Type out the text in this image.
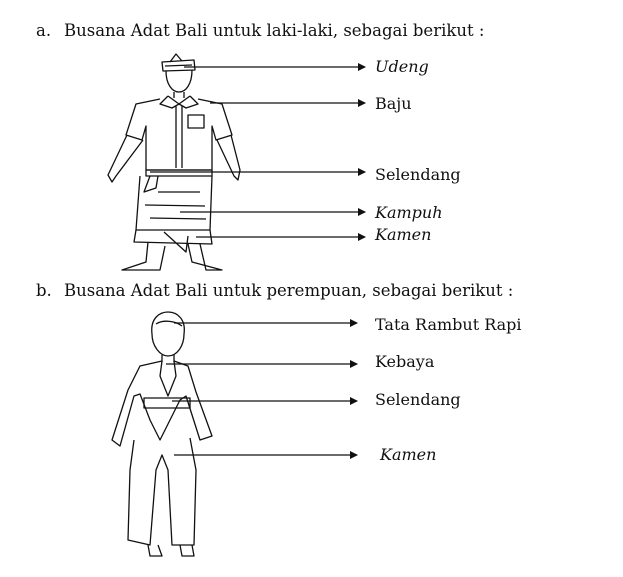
a. Busana Adat Bali untuk laki-laki, sebagai berikut :
b. Busana Adat Bali untuk perempuan, sebagai berikut :
Udeng
Baju
Selendang
Kampuh
Kamen
Tata Rambut Rapi
Kebaya
Selendang
Kamen
